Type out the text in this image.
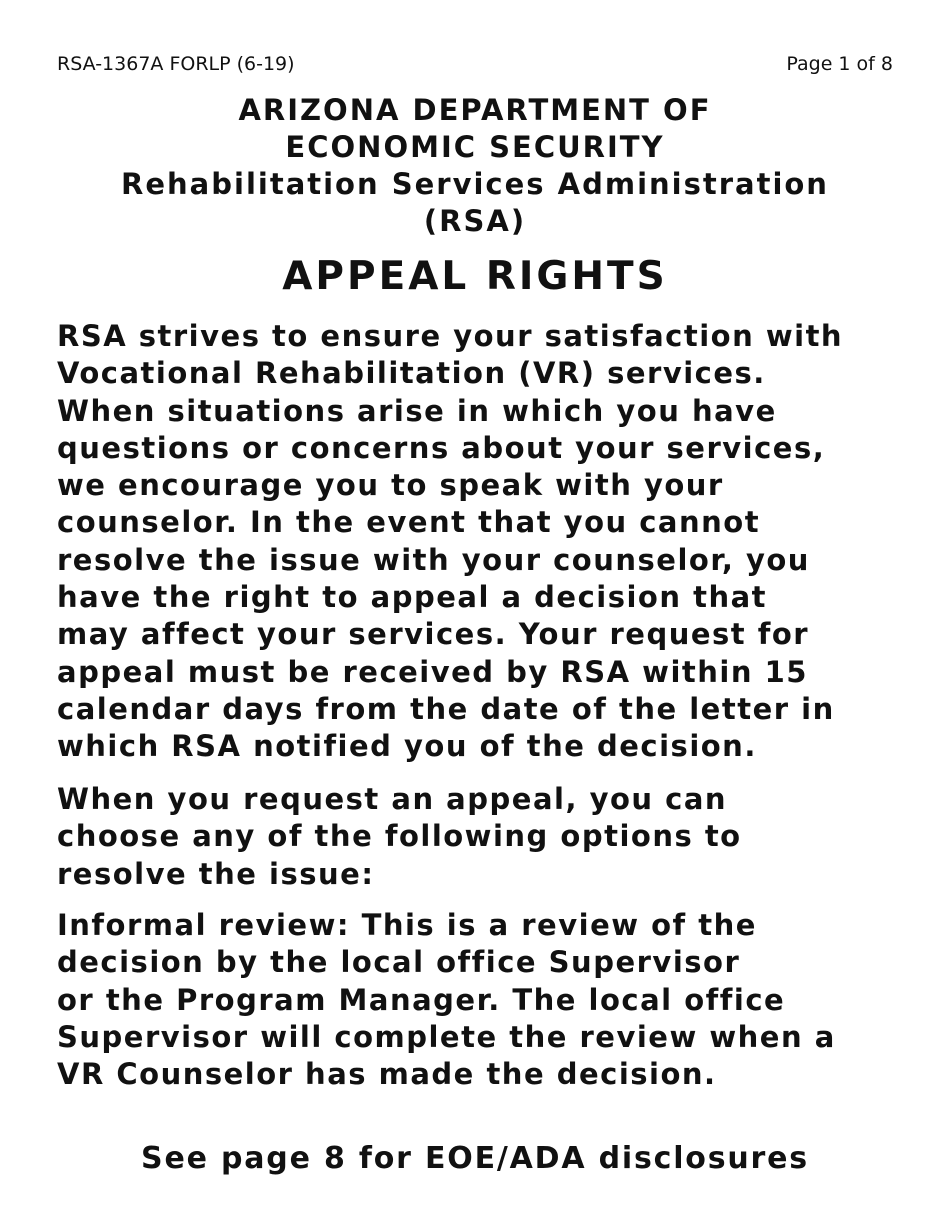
RSA-1367A FORLP (6-19)	Page 1 of 8
ARIZONA DEPARTMENT OF
ECONOMIC SECURITY
Rehabilitation Services Administration
(RSA)
APPEAL RIGHTS
RSA strives to ensure your satisfaction with
Vocational Rehabilitation (VR) services.
When situations arise in which you have
questions or concerns about your services,
we encourage you to speak with your
counselor. In the event that you cannot
resolve the issue with your counselor, you
have the right to appeal a decision that
may affect your services. Your request for
appeal must be received by RSA within 15
calendar days from the date of the letter in
which RSA notified you of the decision.
When you request an appeal, you can
choose any of the following options to
resolve the issue:
Informal review: This is a review of the
decision by the local office Supervisor
or the Program Manager. The local office
Supervisor will complete the review when a
VR Counselor has made the decision.
See page 8 for EOE/ADA disclosures
